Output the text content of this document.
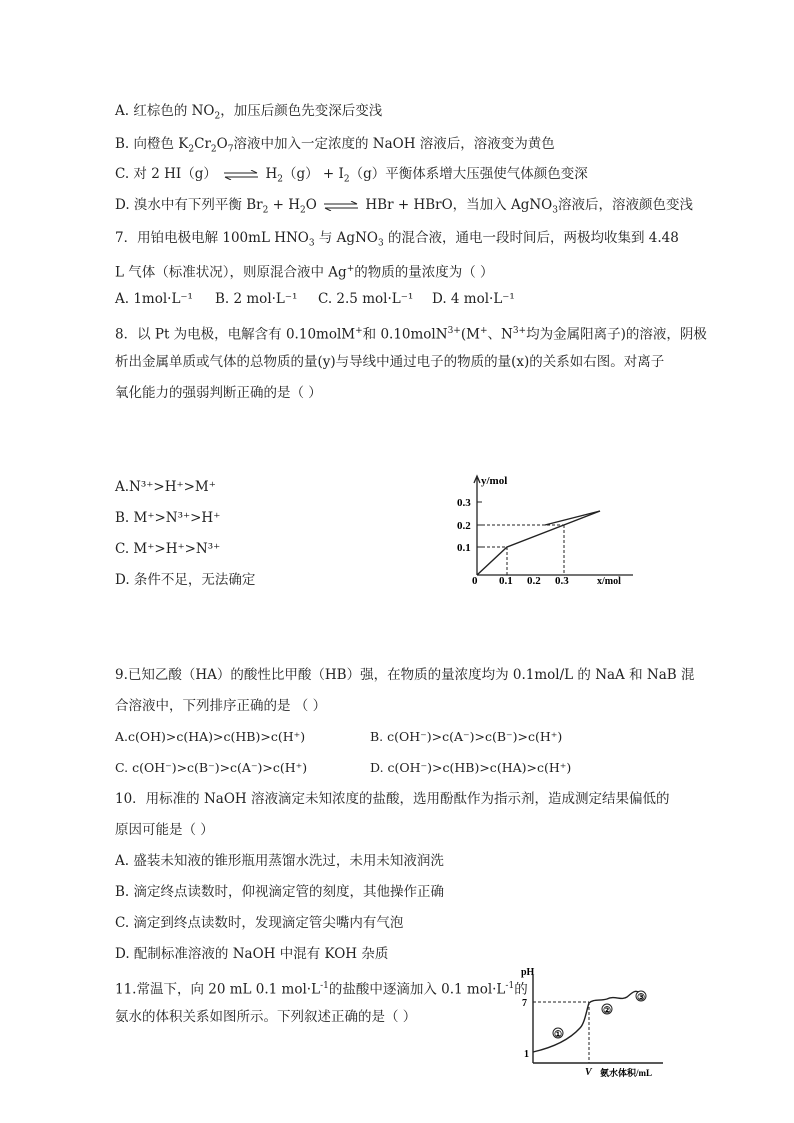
A. 红棕色的 $NO_2$，加压后颜色先变深后变浅
B. 向橙色 $K_2Cr_2O_7$溶液中加入一定浓度的 NaOH 溶液后，溶液变为黄色
C. 对 2 HI（g） ⇌ $H_2(g) + I_2(g)$平衡体系增大压强使气体颜色变深
D. 溴水中有下列平衡 $Br_2 + H_2O$ ⇌ HBr + HBrO，当加入 AgNO$_3$溶液后，溶液颜色变浅
7．用铂电极电解 100mL $HNO_3$ 与 AgNO$_3$ 的混合液，通电一段时间后，两极均收集到 4.48
L 气体（标准状况），则原混合液中 Ag+的物质的量浓度为（ ）
A. 1mol·L⁻¹ B. 2 mol·L⁻¹ C. 2.5 mol·L⁻¹ D. 4 mol·L⁻¹
8．以 Pt 为电极，电解含有 0.10molM+和 0.10molN$^{3+}$(M+、$N^{3+}$均为金属阳离子)的溶液，阴极
析出金属单质或气体的总物质的量(y)与导线中通过电子的物质的量(x)的关系如右图。对离子
氧化能力的强弱判断正确的是（ ）
A.N³⁺>H⁺>M⁺
B. M⁺>N³⁺>H⁺
C. M⁺>H⁺>N³⁺
D. 条件不足，无法确定
y/mol
0.3
0.2
0.1
0 0.1 0.2 0.3	x/mol
9.已知乙酸（HA）的酸性比甲酸（HB）强，在物质的量浓度均为 0.1mol/L 的 NaA 和 NaB 混
合溶液中，下列排序正确的是 （ ）
A.c(OH)>c(HA)>c(HB)>c(H⁺)	B. c(OH⁻)>c(A⁻)>c(B⁻)>c(H⁺)
C. c(OH⁻)>c(B⁻)>c(A⁻)>c(H⁺)	D. c(OH⁻)>c(HB)>c(HA)>c(H⁺)
10．用标准的 NaOH 溶液滴定未知浓度的盐酸，选用酚酞作为指示剂，造成测定结果偏低的
原因可能是（ ）
A. 盛装未知液的锥形瓶用蒸馏水洗过，未用未知液润洗
B. 滴定终点读数时，仰视滴定管的刻度，其他操作正确
C. 滴定到终点读数时，发现滴定管尖嘴内有气泡
D. 配制标准溶液的 NaOH 中混有 KOH 杂质
11.常温下，向 20 mL 0.1 $mol\cdot L^{-1}$的盐酸中逐滴加入 0.1 $mol\cdot L^{-1}$的
氨水的体积关系如图所示。下列叙述正确的是（ ）
①
②
③
pH
7
1
V 氨水体积/mL
